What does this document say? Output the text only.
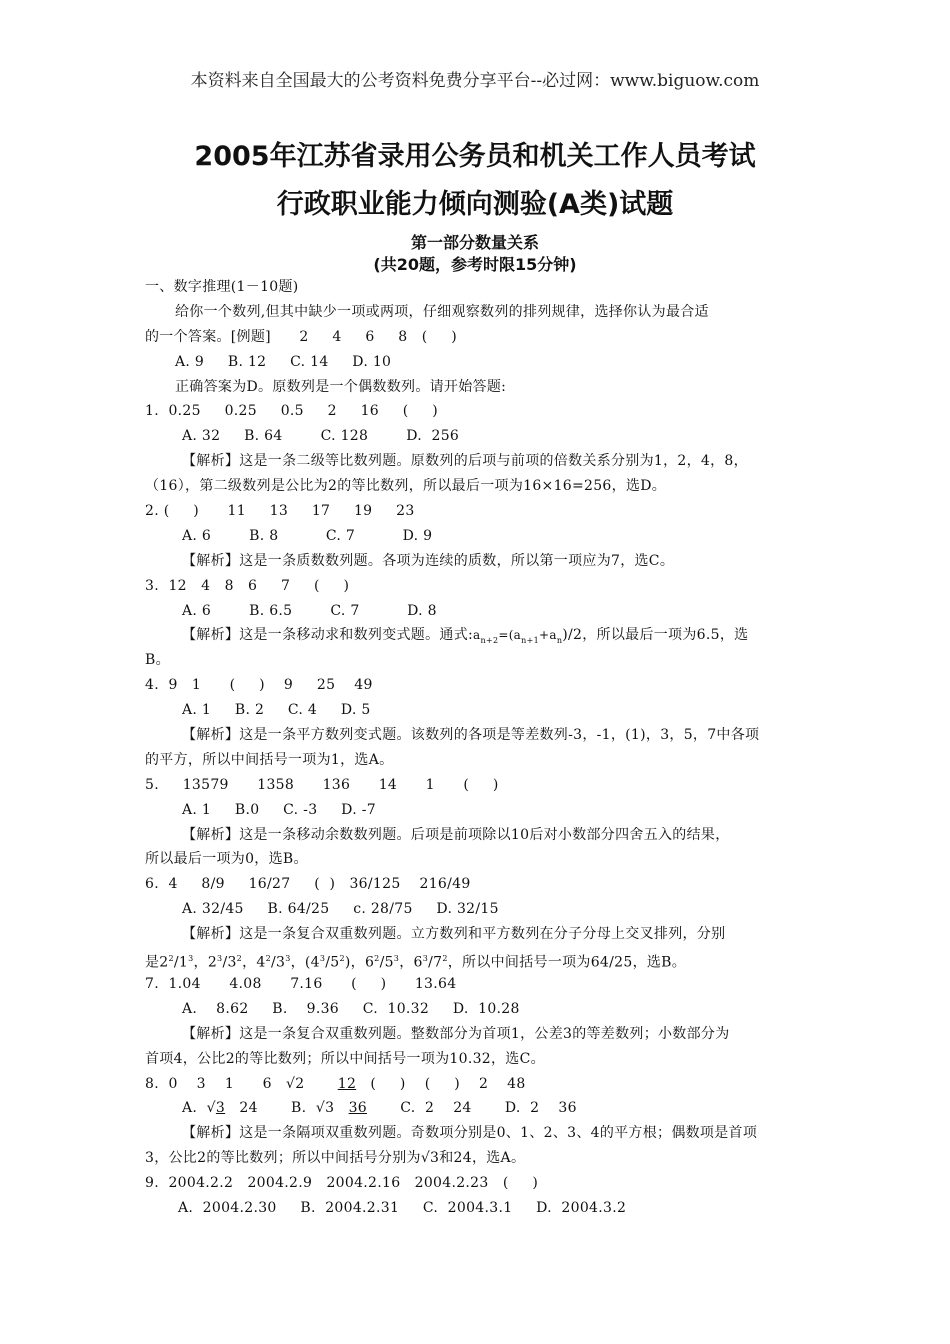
本资料来自全国最大的公考资料免费分享平台--必过网：www.biguow.com
2005年江苏省录用公务员和机关工作人员考试
行政职业能力倾向测验(A类)试题
第一部分数量关系
(共20题，参考时限15分钟)
一、数字推理(1－10题)
给你一个数列,但其中缺少一项或两项，仔细观察数列的排列规律，选择你认为最合适
的一个答案。[例题]      2     4     6     8   (     )
A. 9     B. 12     C. 14     D. 10
正确答案为D。原数列是一个偶数数列。请开始答题:
1.  0.25     0.25     0.5     2     16     (     )
A. 32     B. 64        C. 128        D.  256
【解析】这是一条二级等比数列题。原数列的后项与前项的倍数关系分别为1，2，4，8，
（16），第二级数列是公比为2的等比数列，所以最后一项为16×16=256，选D。
2. (     )      11     13     17     19     23
A. 6        B. 8          C. 7          D. 9
【解析】这是一条质数数列题。各项为连续的质数，所以第一项应为7，选C。
3.  12   4   8   6     7     (     )
A. 6        B. 6.5        C. 7          D. 8
【解析】这是一条移动求和数列变式题。通式$:a_{n+2}=(a_{n+1}+a_n)/2$，所以最后一项为6.5，选
B。
4.  9   1      (     )    9     25    49
A. 1     B. 2     C. 4     D. 5
【解析】这是一条平方数列变式题。该数列的各项是等差数列-3，-1，(1)，3，5，7中各项
的平方，所以中间括号一项为1，选A。
5.     13579      1358      136      14      1      (     )
A. 1     B.0     C. -3     D. -7
【解析】这是一条移动余数数列题。后项是前项除以10后对小数部分四舍五入的结果，
所以最后一项为0，选B。
6.  4     8/9     16/27     (  )   36/125    216/49
A. 32/45     B. 64/25     c. 28/75     D. 32/15
【解析】这是一条复合双重数列题。立方数列和平方数列在分子分母上交叉排列，分别
是$2^2/1^3$，$2^3/3^2$，$4^2/3^3$，$(4^3/5^2)$，$6^2/5^3$，$6^3/7^2$，所以中间括号一项为64/25，选B。
7.  1.04      4.08      7.16      (     )      13.64
A.    8.62     B.    9.36     C.  10.32     D.  10.28
【解析】这是一条复合双重数列题。整数部分为首项1，公差3的等差数列；小数部分为
首项4，公比2的等比数列；所以中间括号一项为10.32，选C。
8.  0    3    1      6   √2 12   (     )    (     )    2    48
A.  √3   24       B.  √3   36       C.  2    24       D.  2    36
【解析】这是一条隔项双重数列题。奇数项分别是0、1、2、3、4的平方根；偶数项是首项
3，公比2的等比数列；所以中间括号分别为√3和24，选A。
9.  2004.2.2   2004.2.9   2004.2.16   2004.2.23   (     )
A.  2004.2.30     B.  2004.2.31     C.  2004.3.1     D.  2004.3.2
